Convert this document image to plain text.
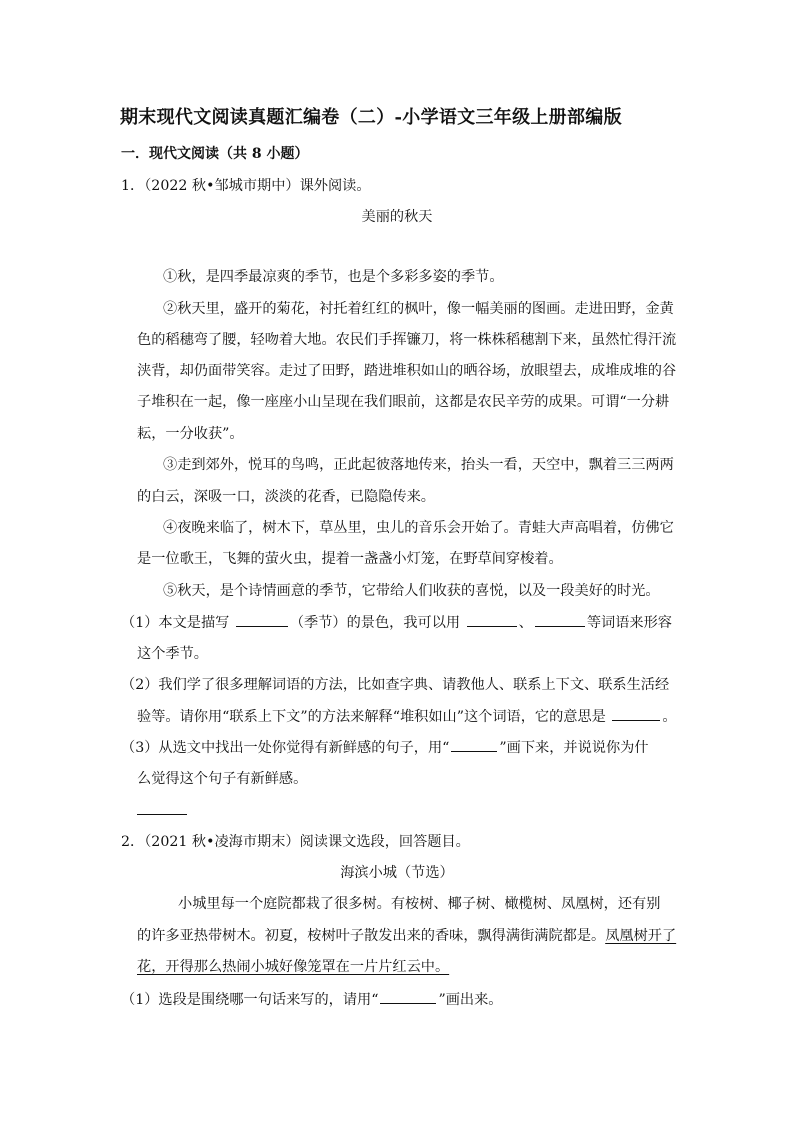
期末现代文阅读真题汇编卷（二）-小学语文三年级上册部编版
一．现代文阅读（共 8 小题）
1．（2022 秋•邹城市期中）课外阅读。
美丽的秋天
①秋，是四季最凉爽的季节，也是个多彩多姿的季节。
②秋天里，盛开的菊花，衬托着红红的枫叶，像一幅美丽的图画。走进田野，金黄
色的稻穗弯了腰，轻吻着大地。农民们手挥镰刀，将一株株稻穗割下来，虽然忙得汗流
浃背，却仍面带笑容。走过了田野，踏进堆积如山的晒谷场，放眼望去，成堆成堆的谷
子堆积在一起，像一座座小山呈现在我们眼前，这都是农民辛劳的成果。可谓“一分耕
耘，一分收获”。
③走到郊外，悦耳的鸟鸣，正此起彼落地传来，抬头一看，天空中，飘着三三两两
的白云，深吸一口，淡淡的花香，已隐隐传来。
④夜晚来临了，树木下，草丛里，虫儿的音乐会开始了。青蛙大声高唱着，仿佛它
是一位歌王，飞舞的萤火虫，提着一盏盏小灯笼，在野草间穿梭着。
⑤秋天，是个诗情画意的季节，它带给人们收获的喜悦，以及一段美好的时光。
（1）本文是描写	（季节）的景色，我可以用	、	等词语来形容
这个季节。
（2）我们学了很多理解词语的方法，比如查字典、请教他人、联系上下文、联系生活经
验等。请你用“联系上下文”的方法来解释“堆积如山”这个词语，它的意思是	。
（3）从选文中找出一处你觉得有新鲜感的句子，用“	”画下来，并说说你为什
么觉得这个句子有新鲜感。
2．（2021 秋•凌海市期末）阅读课文选段，回答题目。
海滨小城（节选）
小城里每一个庭院都栽了很多树。有桉树、椰子树、橄榄树、凤凰树，还有别
的许多亚热带树木。初夏，桉树叶子散发出来的香味，飘得满街满院都是。凤凰树开了
花，开得那么热闹小城好像笼罩在一片片红云中。
（1）选段是围绕哪一句话来写的，请用“	”画出来。
